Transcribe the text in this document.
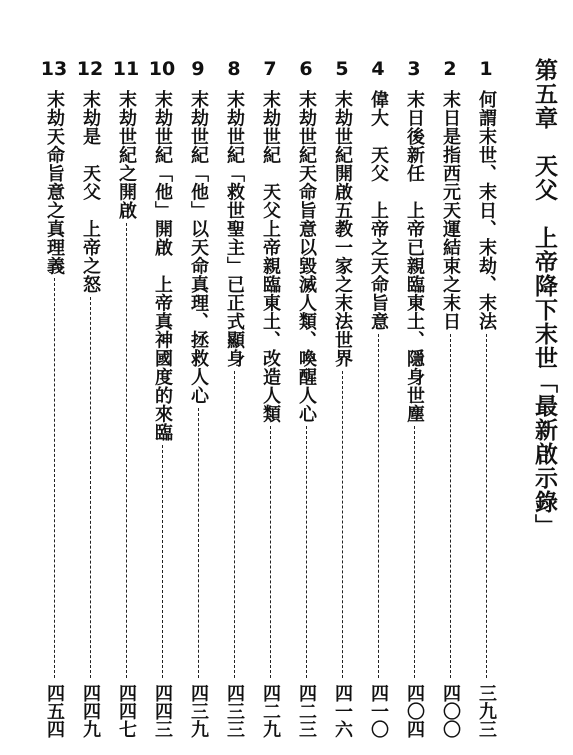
第五章　天父　上帝降下末世「最新啟示錄」
1
何謂末世、末日、末劫、末法
三九三
2
末日是指西元天運結束之末日
四〇〇
3
末日後新任　上帝已親臨東土、隱身世塵
四〇四
4
偉大　天父　上帝之天命旨意
四一〇
5
末劫世紀開啟五教一家之末法世界
四一六
6
末劫世紀天命旨意以毀滅人類、喚醒人心
四二三
7
末劫世紀　天父上帝親臨東土、改造人類
四二九
8
末劫世紀「救世聖主」已正式顯身
四三三
9
末劫世紀「他」以天命真理、拯救人心
四三九
10
末劫世紀「他」開啟　上帝真神國度的來臨
四四三
11
末劫世紀之開啟
四四七
12
末劫是　天父　上帝之怒
四四九
13
末劫天命旨意之真理義
四五四
